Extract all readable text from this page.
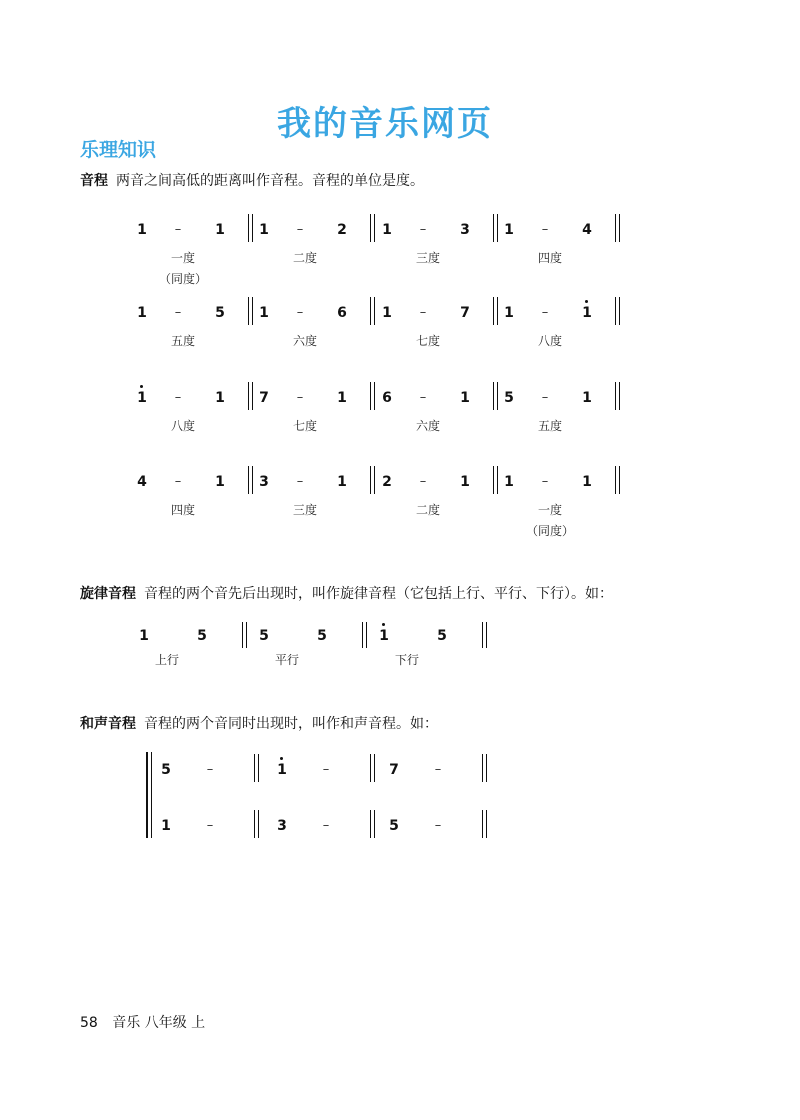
我的音乐网页
乐理知识
音程 两音之间高低的距离叫作音程。音程的单位是度。
旋律音程 音程的两个音先后出现时，叫作旋律音程（它包括上行、平行、下行）。如：
和声音程 音程的两个音同时出现时，叫作和声音程。如：
1	–	1
一度
（同度）
1	–	2
二度
1	–	3
三度
1	–	4
四度
1	–	5
五度
1	–	6
六度
1	–	7
七度
1	–	1
八度
1	–	1
八度
7	–	1
七度
6	–	1
六度
5	–	1
五度
4	–	1
四度
3	–	1
三度
2	–	1
二度
1	–	1
一度
（同度）
1	5
上行
5	5
平行
1	5
下行
5	–	1	–	7	–
1	–	3	–	5	–
58 音乐 八年级 上
